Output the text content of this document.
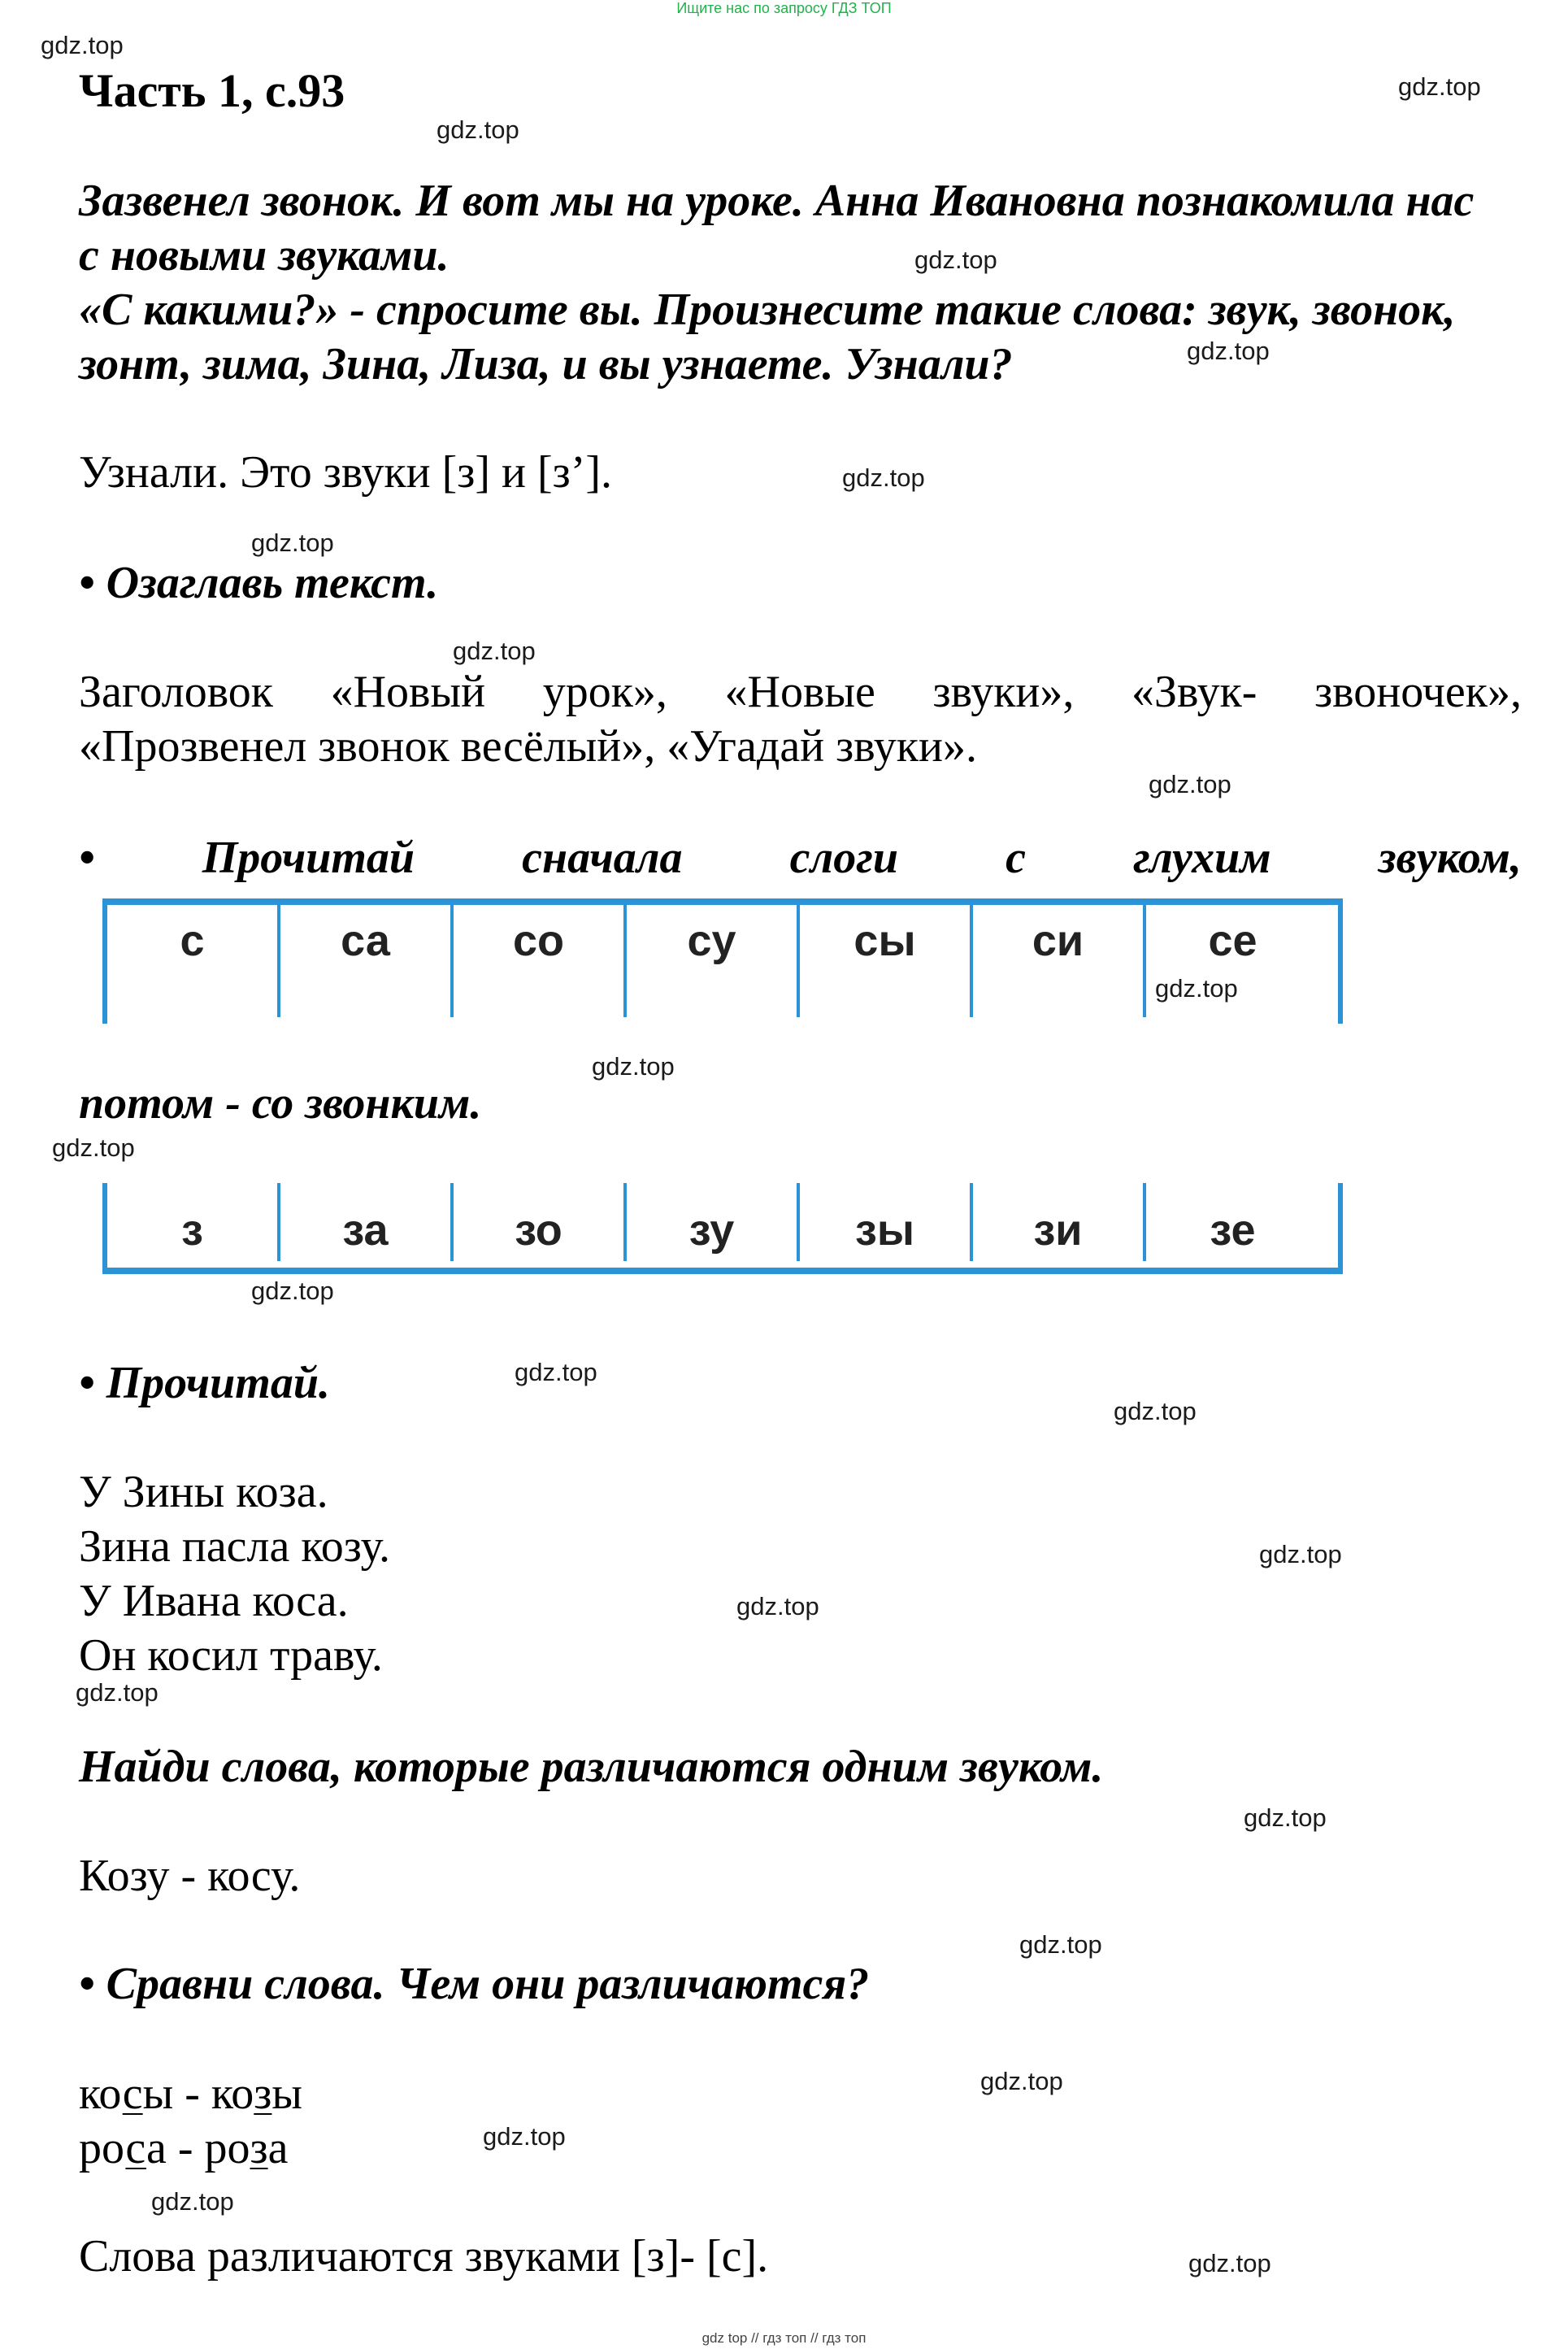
Ищите нас по запросу ГДЗ ТОП
Часть 1, с.93
Зазвенел звонок. И вот мы на уроке. Анна Ивановна познакомила нас
с новыми звуками.
«С какими?» - спросите вы. Произнесите такие слова: звук, звонок,
зонт, зима, Зина, Лиза, и вы узнаете. Узнали?
Узнали. Это звуки [з] и [з’].
• Озаглавь текст.
Заголовок «Новый урок», «Новые звуки», «Звук- звоночек»,
«Прозвенел звонок весёлый», «Угадай звуки».
• Прочитай сначала слоги с глухим звуком,
с	са	со	су	сы	си	се
потом - со звонким.
з	за	зо	зу	зы	зи	зе
• Прочитай.
У Зины коза.
Зина пасла козу.
У Ивана коса.
Он косил траву.
Найди слова, которые различаются одним звуком.
Козу - косу.
• Сравни слова. Чем они различаются?
косы - козы
роса - роза
Слова различаются звуками [з]- [с].
gdz.top
gdz.top
gdz.top
gdz.top
gdz.top
gdz.top
gdz.top
gdz.top
gdz.top
gdz.top
gdz.top
gdz.top
gdz.top
gdz.top
gdz.top
gdz.top
gdz.top
gdz.top
gdz.top
gdz.top
gdz.top
gdz.top
gdz.top
gdz.top
gdz top // гдз топ // гдз топ
